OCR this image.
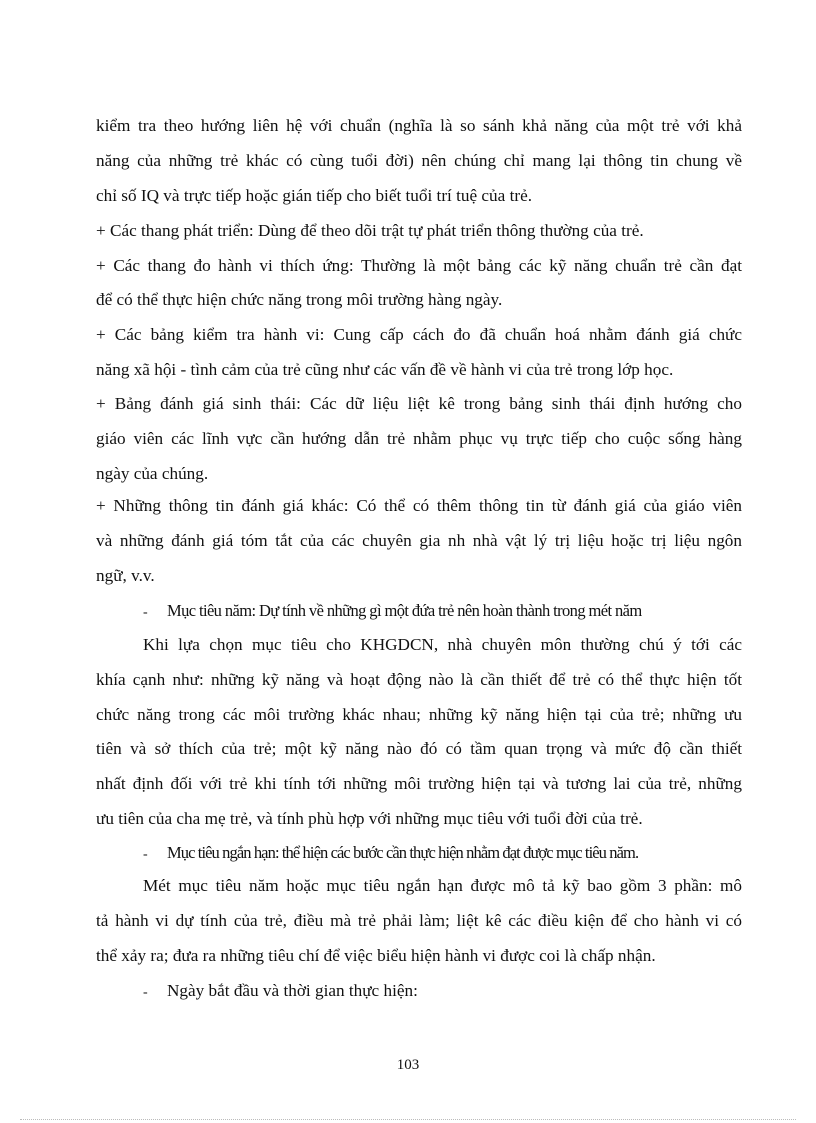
kiểm tra theo hướng liên hệ với chuẩn (nghĩa là so sánh khả năng của một trẻ với khả
năng của những trẻ khác có cùng tuổi đời) nên chúng chỉ mang lại thông tin chung về
chỉ số IQ và trực tiếp hoặc gián tiếp cho biết tuổi trí tuệ của trẻ.
+ Các thang phát triển: Dùng để theo dõi trật tự phát triển thông thường của trẻ.
+ Các thang đo hành vi thích ứng: Thường là một bảng các kỹ năng chuẩn trẻ cần đạt
để có thể thực hiện chức năng trong môi trường hàng ngày.
+ Các bảng kiểm tra hành vi: Cung cấp cách đo đã chuẩn hoá nhằm đánh giá chức
năng xã hội - tình cảm của trẻ cũng như các vấn đề về hành vi của trẻ trong lớp học.
+ Bảng đánh giá sinh thái: Các dữ liệu liệt kê trong bảng sinh thái định hướng cho
giáo viên các lĩnh vực cần hướng dẫn trẻ nhằm phục vụ trực tiếp cho cuộc sống hàng
ngày của chúng.
+ Những thông tin đánh giá khác: Có thể có thêm thông tin từ đánh giá của giáo viên
và những đánh giá tóm tắt của các chuyên gia nh nhà vật lý trị liệu hoặc trị liệu ngôn
ngữ, v.v.
-	Mục tiêu năm: Dự tính về những gì một đứa trẻ nên hoàn thành trong mét năm
Khi lựa chọn mục tiêu cho KHGDCN, nhà chuyên môn thường chú ý tới các
khía cạnh như: những kỹ năng và hoạt động nào là cần thiết để trẻ có thể thực hiện tốt
chức năng trong các môi trường khác nhau; những kỹ năng hiện tại của trẻ; những ưu
tiên và sở thích của trẻ; một kỹ năng nào đó có tầm quan trọng và mức độ cần thiết
nhất định đối với trẻ khi tính tới những môi trường hiện tại và tương lai của trẻ, những
ưu tiên của cha mẹ trẻ, và tính phù hợp với những mục tiêu với tuổi đời của trẻ.
-	Mục tiêu ngắn hạn: thể hiện các bước cần thực hiện nhằm đạt được mục tiêu năm.
Mét mục tiêu năm hoặc mục tiêu ngắn hạn được mô tả kỹ bao gồm 3 phần: mô
tả hành vi dự tính của trẻ, điều mà trẻ phải làm; liệt kê các điều kiện để cho hành vi có
thể xảy ra; đưa ra những tiêu chí để việc biểu hiện hành vi được coi là chấp nhận.
-	Ngày bắt đầu và thời gian thực hiện:
103
